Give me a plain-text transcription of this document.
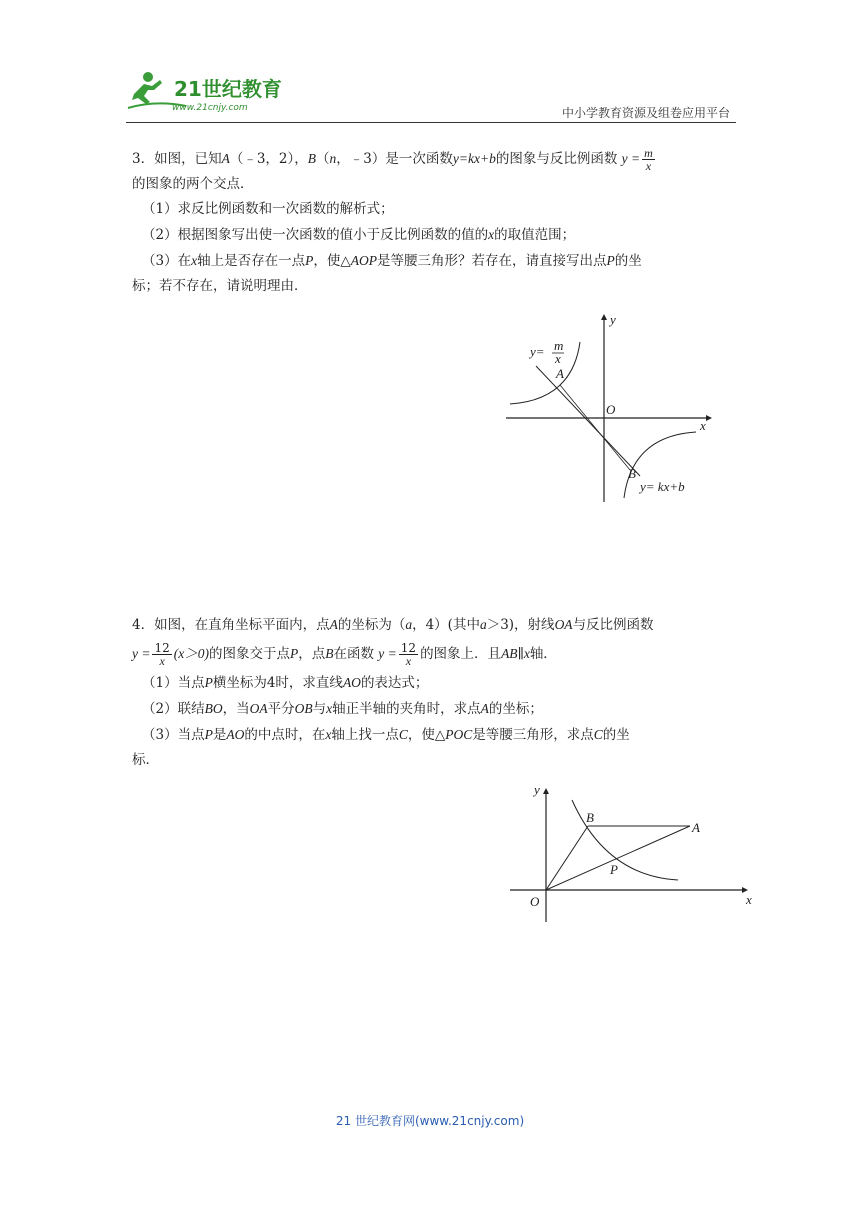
21世纪教育
www.21cnjy.com	中小学教育资源及组卷应用平台
3．如图，已知A（﹣3，2），B（n，﹣3）是一次函数y=kx+b的图象与反比例函数 $y = \frac{m}{x}$
的图象的两个交点．
（1）求反比例函数和一次函数的解析式；
（2）根据图象写出使一次函数的值小于反比例函数的值的x的取值范围；
（3）在x轴上是否存在一点P，使△AOP是等腰三角形？若存在，请直接写出点P的坐
标；若不存在，请说明理由．
y
x
O
A
B
y= m
x
y= kx+b
4．如图，在直角坐标平面内，点A的坐标为（a，4）(其中a＞3)，射线OA与反比例函数
$y = \frac{12}{x} (x>0)$的图象交于点P，点B在函数 $y = \frac{12}{x}$ 的图象上．且AB∥x轴．
（1）当点P横坐标为4时，求直线AO的表达式；
（2）联结BO，当OA平分OB与x轴正半轴的夹角时，求点A的坐标；
（3）当点P是AO的中点时，在x轴上找一点C，使△POC是等腰三角形，求点C的坐
标．
y
x
O
A
B
P
21 世纪教育网(www.21cnjy.com)
